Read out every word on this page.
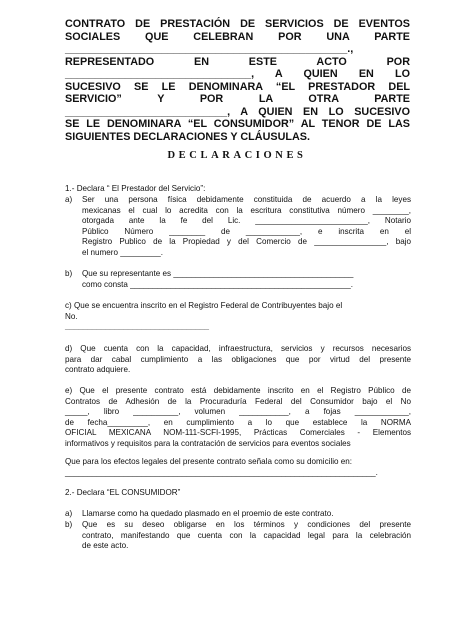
CONTRATO DE PRESTACIÓN DE SERVICIOS DE EVENTOS
SOCIALES QUE CELEBRAN POR UNA PARTE
_______________________________________________.,
REPRESENTADO EN ESTE ACTO POR
_______________________________, A QUIEN EN LO
SUCESIVO SE LE DENOMINARA “EL PRESTADOR DEL
SERVICIO” Y POR LA OTRA PARTE
___________________________, A QUIEN EN LO SUCESIVO
SE LE DENOMINARA “EL CONSUMIDOR” AL TENOR DE LAS
SIGUIENTES DECLARACIONES Y CLÁUSULAS.
DECLARACIONES

1.- Declara “ El Prestador del Servicio”:

a) Ser una persona física debidamente constituida de acuerdo a la leyes
mexicanas el cual lo acredita con la escritura constitutiva número ________,
otorgada ante la fe del Lic. _________________________, Notario
Público Número ________ de ____________, e inscrita en el
Registro Publico de la Propiedad y del Comercio de ________________, bajo
el numero _________.
b) Que su representante es ________________________________________
como consta _________________________________________________.
c) Que se encuentra inscrito en el Registro Federal de Contribuyentes bajo el
No.
________________________________
d) Que cuenta con la capacidad, infraestructura, servicios y recursos necesarios
para dar cabal cumplimiento a las obligaciones que por virtud del presente
contrato adquiere.
e) Que el presente contrato está debidamente inscrito en el Registro Público de
Contratos de Adhesión de la Procuraduría Federal del Consumidor bajo el No
_____, libro __________, volumen ___________, a fojas ____________,
de fecha_________, en cumplimiento a lo que establece la NORMA
OFICIAL MEXICANA NOM-111-SCFI-1995, Prácticas Comerciales - Elementos
informativos y requisitos para la contratación de servicios para eventos sociales
Que para los efectos legales del presente contrato señala como su domicilio en:
_____________________________________________________________________.

2.- Declara “EL CONSUMIDOR”

a) Llamarse como ha quedado plasmado en el proemio de este contrato.
b) Que es su deseo obligarse en los términos y condiciones del presente
contrato, manifestando que cuenta con la capacidad legal para la celebración
de este acto.
